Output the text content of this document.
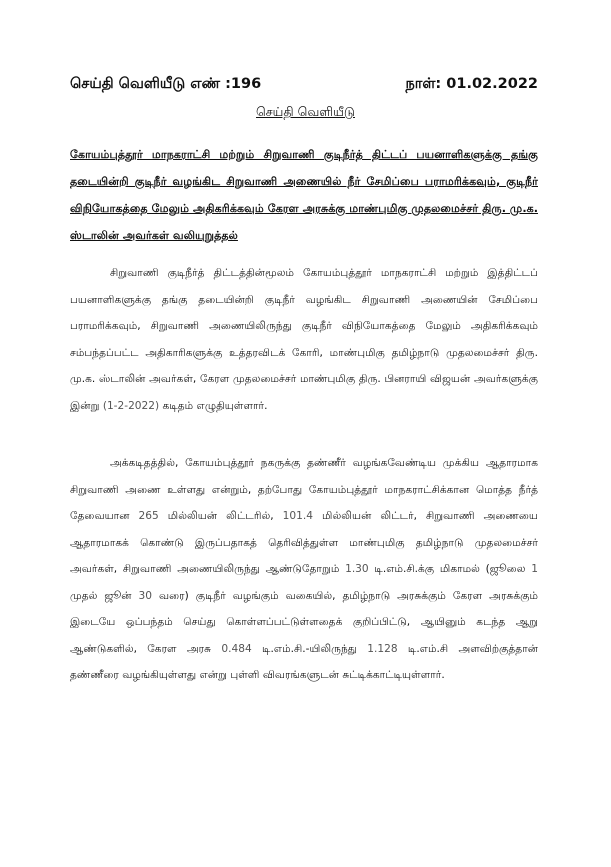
செய்தி வெளியீடு எண் :196	நாள்: 01.02.2022
செய்தி வெளியீடு
கோயம்புத்தூர் மாநகராட்சி மற்றும் சிறுவாணி குடிநீர்த் திட்டப் பயனாளிகளுக்கு தங்கு தடையின்றி குடிநீர் வழங்கிட சிறுவாணி அணையில் நீர் சேமிப்பை பராமரிக்கவும், குடிநீர் விநியோகத்தை மேலும் அதிகரிக்கவும் கேரள அரசுக்கு மாண்புமிகு முதலமைச்சர் திரு. மு.க. ஸ்டாலின் அவர்கள் வலியுறுத்தல்

சிறுவாணி குடிநீர்த் திட்டத்தின்மூலம் கோயம்புத்தூர் மாநகராட்சி மற்றும் இத்திட்டப் பயனாளிகளுக்கு தங்கு தடையின்றி குடிநீர் வழங்கிட சிறுவாணி அணையின் சேமிப்பை பராமரிக்கவும், சிறுவாணி அணையிலிருந்து குடிநீர் விநியோகத்தை மேலும் அதிகரிக்கவும் சம்பந்தப்பட்ட அதிகாரிகளுக்கு உத்தரவிடக் கோரி, மாண்புமிகு தமிழ்நாடு முதலமைச்சர் திரு. மு.க. ஸ்டாலின் அவர்கள், கேரள முதலமைச்சர் மாண்புமிகு திரு. பினராயி விஜயன் அவர்களுக்கு இன்று (1-2-2022) கடிதம் எழுதியுள்ளார்.

அக்கடிதத்தில், கோயம்புத்தூர் நகருக்கு தண்ணீர் வழங்கவேண்டிய முக்கிய ஆதாரமாக சிறுவாணி அணை உள்ளது என்றும், தற்போது கோயம்புத்தூர் மாநகராட்சிக்கான மொத்த நீர்த் தேவையான 265 மில்லியன் லிட்டரில், 101.4 மில்லியன் லிட்டர், சிறுவாணி அணையை ஆதாரமாகக் கொண்டு இருப்பதாகத் தெரிவித்துள்ள மாண்புமிகு தமிழ்நாடு முதலமைச்சர் அவர்கள், சிறுவாணி அணையிலிருந்து ஆண்டுதோறும் 1.30 டி.எம்.சி.க்கு மிகாமல் (ஜூலை 1 முதல் ஜூன் 30 வரை) குடிநீர் வழங்கும் வகையில், தமிழ்நாடு அரசுக்கும் கேரள அரசுக்கும் இடையே ஒப்பந்தம் செய்து கொள்ளப்பட்டுள்ளதைக் குறிப்பிட்டு, ஆயினும் கடந்த ஆறு ஆண்டுகளில், கேரள அரசு 0.484 டி.எம்.சி.-யிலிருந்து 1.128 டி.எம்.சி அளவிற்குத்தான் தண்ணீரை வழங்கியுள்ளது என்று புள்ளி விவரங்களுடன் சுட்டிக்காட்டியுள்ளார்.
